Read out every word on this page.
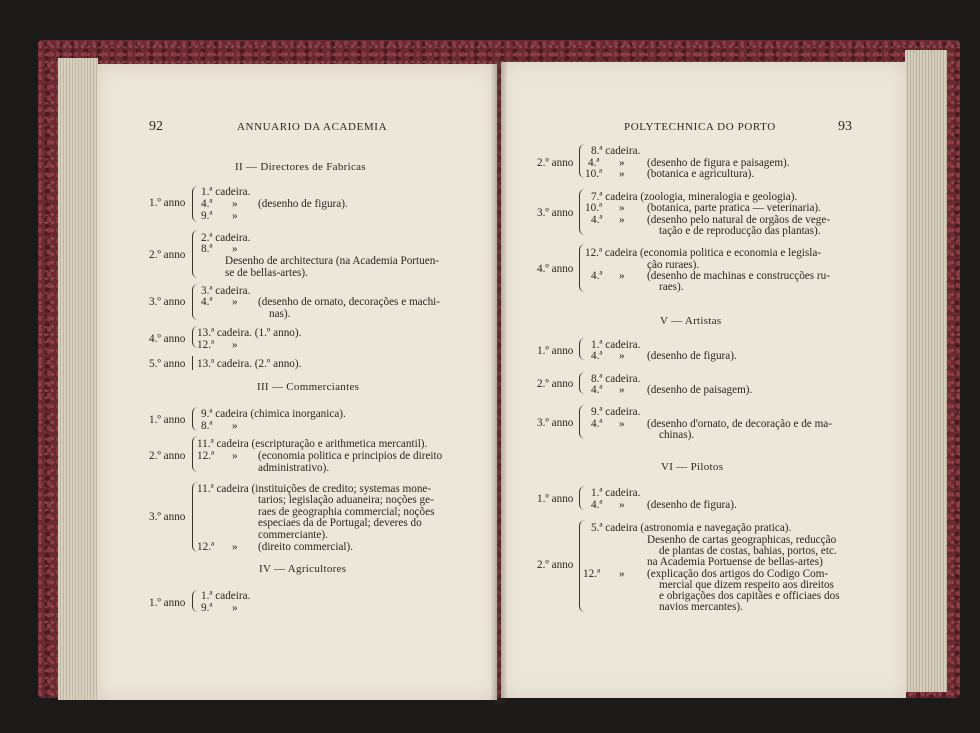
92	ANNUARIO DA ACADEMIA
II — Directores de Fabricas
1.º anno
1.ª cadeira.
4.ª » (desenho de figura).
9.ª »
2.º anno
2.ª cadeira.
8.ª »
Desenho de architectura (na Academia Portuen-
se de bellas-artes).
3.º anno
3.ª cadeira.
4.ª » (desenho de ornato, decorações e machi-
nas).
4.º anno 13.ª cadeira. (1.º anno).
12.ª »
5.º anno 13.ª cadeira. (2.º anno).
III — Commerciantes
1.º anno 9.ª cadeira (chimica inorganica).
8.ª »
2.º anno
11.ª cadeira (escripturação e arithmetica mercantil).
12.ª » (economia politica e principios de direito
administrativo).
3.º anno
11.ª cadeira (instituições de credito; systemas mone-
tarios; legislação aduaneira; noções ge-
raes de geographia commercial; noções
especiaes da de Portugal; deveres do
commerciante).
12.ª » (direito commercial).
IV — Agricultores
1.º anno
1.ª cadeira.
9.ª »
POLYTECHNICA DO PORTO	93
2.º anno
8.ª cadeira.
4.ª » (desenho de figura e paisagem).
10.ª » (botanica e agricultura).
3.º anno
7.ª cadeira (zoologia, mineralogia e geologia).
10.ª » (botanica, parte pratica — veterinaria).
4.ª » (desenho pelo natural de orgãos de vege-
tação e de reproducção das plantas).
4.º anno
12.ª cadeira (economia politica e economia e legisla-
ção ruraes).
4.ª » (desenho de machinas e construcções ru-
raes).
V — Artistas
1.º anno 1.ª cadeira.
4.ª » (desenho de figura).
2.º anno 8.ª cadeira.
4.ª » (desenho de paisagem).
3.º anno
9.ª cadeira.
4.ª » (desenho d'ornato, de decoração e de ma-
chinas).
VI — Pilotos
1.º anno 1.ª cadeira.
4.ª » (desenho de figura).
2.º anno
5.ª cadeira (astronomia e navegação pratica).
Desenho de cartas geographicas, reducção
de plantas de costas, bahias, portos, etc.
na Academia Portuense de bellas-artes)
12.ª » (explicação dos artigos do Codigo Com-
mercial que dizem respeito aos direitos
e obrigações dos capitães e officiaes dos
navios mercantes).
